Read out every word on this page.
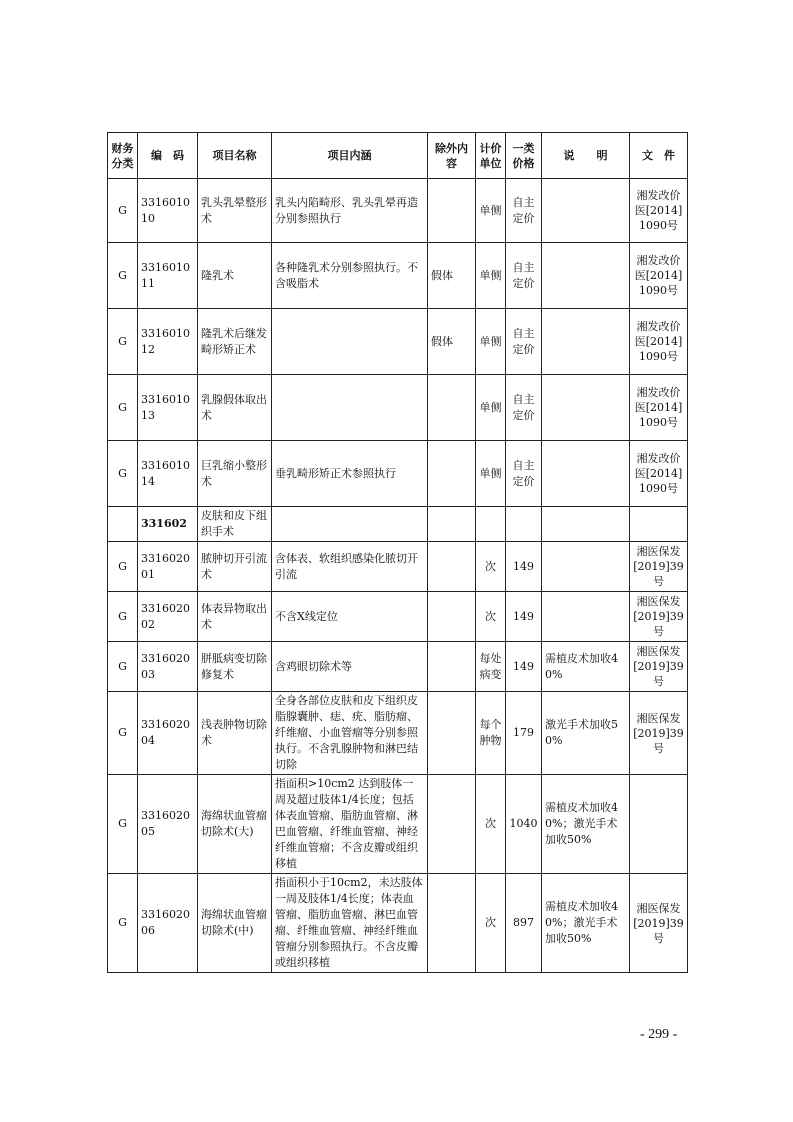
财务分类	编　码	项目名称	项目内涵	除外内容	计价单位	一类价格	说　　明	文　件
G	331601010	乳头乳晕整形术	乳头内陷畸形、乳头乳晕再造分别参照执行		单侧	自主定价		湘发改价医[2014]1090号
G	331601011	隆乳术	各种隆乳术分别参照执行。不含吸脂术	假体	单侧	自主定价		湘发改价医[2014]1090号
G	331601012	隆乳术后继发畸形矫正术		假体	单侧	自主定价		湘发改价医[2014]1090号
G	331601013	乳腺假体取出术			单侧	自主定价		湘发改价医[2014]1090号
G	331601014	巨乳缩小整形术	垂乳畸形矫正术参照执行		单侧	自主定价		湘发改价医[2014]1090号
	331602	皮肤和皮下组织手术						
G	331602001	脓肿切开引流术	含体表、软组织感染化脓切开引流		次	149		湘医保发[2019]39号
G	331602002	体表异物取出术	不含X线定位		次	149		湘医保发[2019]39号
G	331602003	胼胝病变切除修复术	含鸡眼切除术等		每处病变	149	需植皮术加收40%	湘医保发[2019]39号
G	331602004	浅表肿物切除术	全身各部位皮肤和皮下组织皮脂腺囊肿、痣、疣、脂肪瘤、纤维瘤、小血管瘤等分别参照执行。不含乳腺肿物和淋巴结切除		每个肿物	179	激光手术加收50%	湘医保发[2019]39号
G	331602005	海绵状血管瘤切除术(大)	指面积>10cm2 达到肢体一周及超过肢体1/4长度；包括体表血管瘤、脂肪血管瘤、淋巴血管瘤、纤维血管瘤、神经纤维血管瘤；不含皮瓣或组织移植		次	1040	需植皮术加收40%；激光手术加收50%	
G	331602006	海绵状血管瘤切除术(中)	指面积小于10cm2，未达肢体一周及肢体1/4长度；体表血管瘤、脂肪血管瘤、淋巴血管瘤、纤维血管瘤、神经纤维血管瘤分别参照执行。不含皮瓣或组织移植		次	897	需植皮术加收40%；激光手术加收50%	湘医保发[2019]39号
- 299 -
